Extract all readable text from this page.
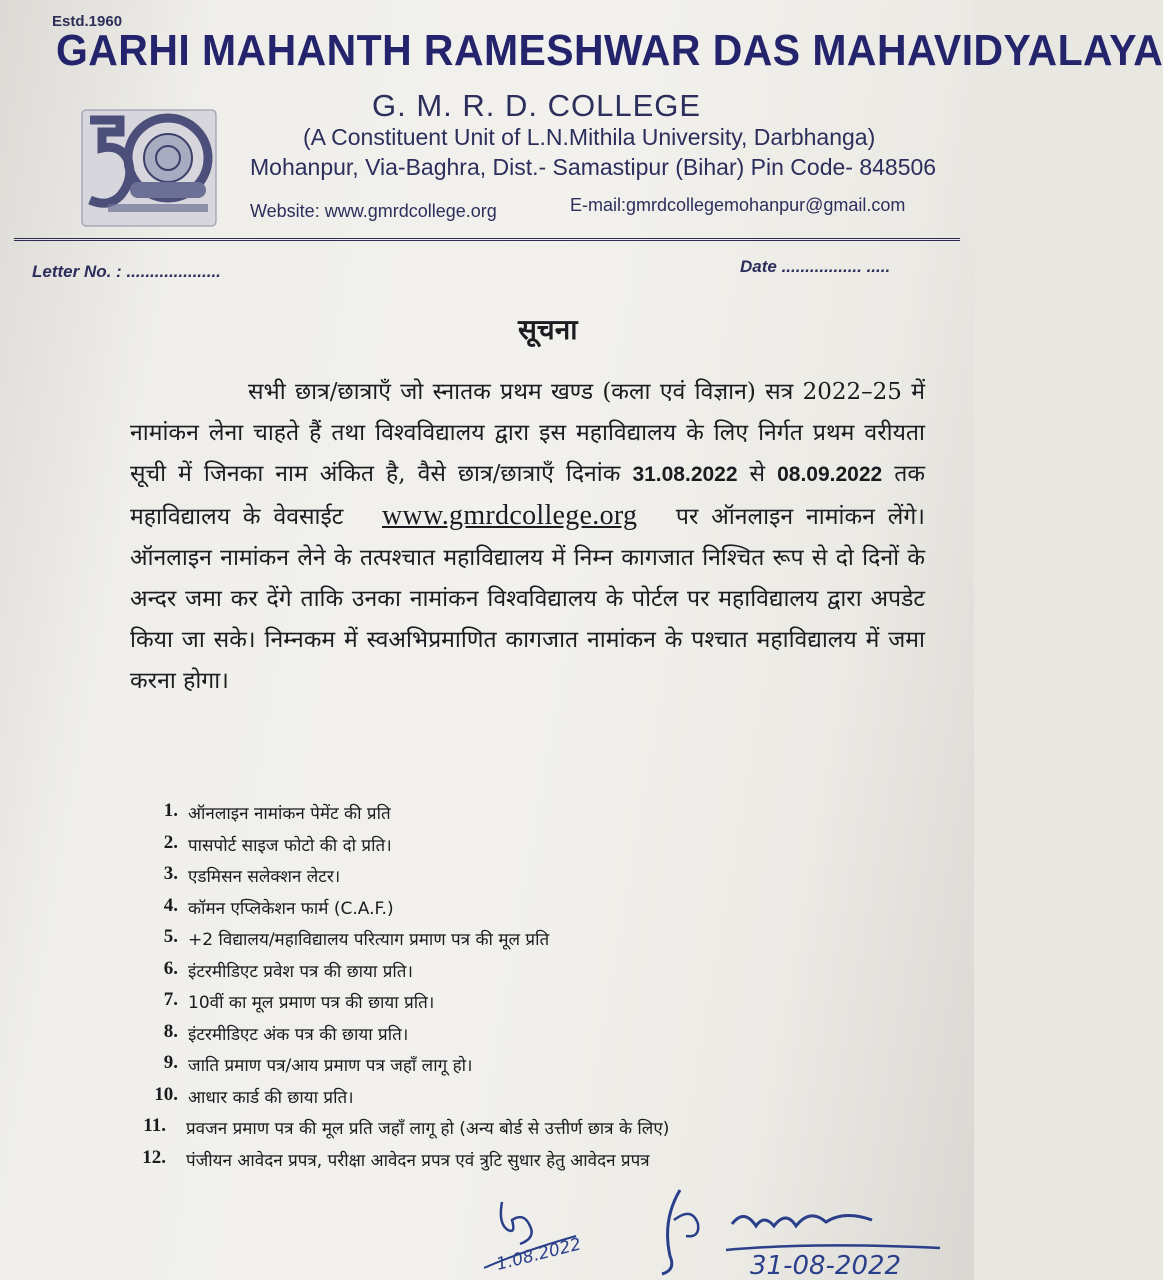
Estd.1960
GARHI MAHANTH RAMESHWAR DAS MAHAVIDYALAYA
G. M. R. D. COLLEGE
(A Constituent Unit of L.N.Mithila University, Darbhanga)
Mohanpur, Via-Baghra, Dist.- Samastipur (Bihar) Pin Code- 848506
Website: www.gmrdcollege.org	E-mail:gmrdcollegemohanpur@gmail.com
Letter No. : ....................	Date ................. .....
सूचना
सभी छात्र/छात्राएँ जो स्नातक प्रथम खण्ड (कला एवं विज्ञान) सत्र 2022–25 में नामांकन लेना चाहते हैं तथा विश्वविद्यालय द्वारा इस महाविद्यालय के लिए निर्गत प्रथम वरीयता सूची में जिनका नाम अंकित है, वैसे छात्र/छात्राएँ दिनांक 31.08.2022 से 08.09.2022 तक महाविद्यालय के वेवसाईट www.gmrdcollege.org पर ऑनलाइन नामांकन लेंगे। ऑनलाइन नामांकन लेने के तत्पश्चात महाविद्यालय में निम्न कागजात निश्चित रूप से दो दिनों के अन्दर जमा कर देंगे ताकि उनका नामांकन विश्वविद्यालय के पोर्टल पर महाविद्यालय द्वारा अपडेट किया जा सके। निम्नकम में स्वअभिप्रमाणित कागजात नामांकन के पश्चात महाविद्यालय में जमा करना होगा।
1. ऑनलाइन नामांकन पेमेंट की प्रति
2. पासपोर्ट साइज फोटो की दो प्रति।
3. एडमिसन सलेक्शन लेटर।
4. कॉमन एप्लिकेशन फार्म (C.A.F.)
5. +2 विद्यालय/महाविद्यालय परित्याग प्रमाण पत्र की मूल प्रति
6. इंटरमीडिएट प्रवेश पत्र की छाया प्रति।
7. 10वीं का मूल प्रमाण पत्र की छाया प्रति।
8. इंटरमीडिएट अंक पत्र की छाया प्रति।
9. जाति प्रमाण पत्र/आय प्रमाण पत्र जहाँ लागू हो।
10. आधार कार्ड की छाया प्रति।
11. प्रवजन प्रमाण पत्र की मूल प्रति जहाँ लागू हो (अन्य बोर्ड से उत्तीर्ण छात्र के लिए)
12. पंजीयन आवेदन प्रपत्र, परीक्षा आवेदन प्रपत्र एवं त्रुटि सुधार हेतु आवेदन प्रपत्र
1.08.2022	31-08-2022
